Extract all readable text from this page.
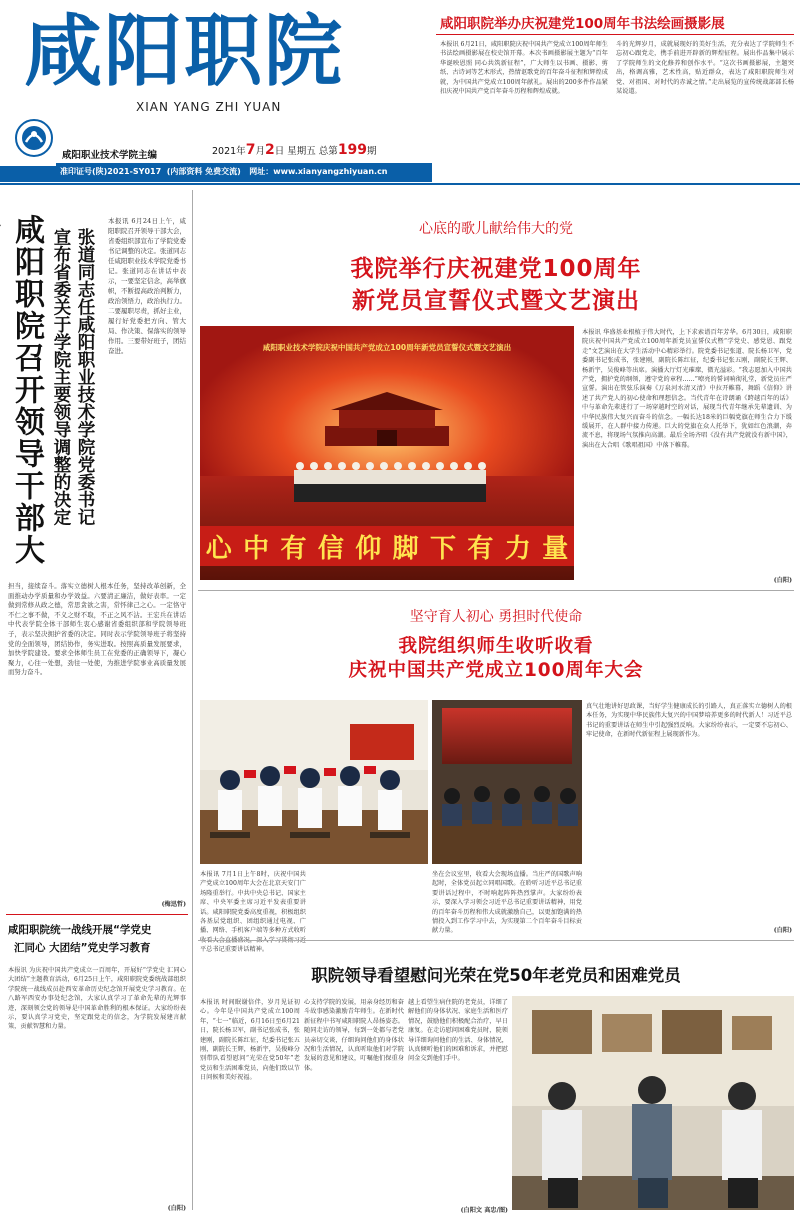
咸阳职院
XIAN YANG ZHI YUAN
咸阳职业技术学院主编	2021年7月2日 星期五 总第199期
准印证号(陕)2021-SY017 (内部资料 免费交流) 网址：www.xianyangzhiyuan.cn
咸阳职院举办庆祝建党100周年书法绘画摄影展
本报讯 6月21日，咸阳职院庆祝中国共产党成立100周年师生书法绘画摄影展在校史馆开幕。本次书画摄影展主题为“百年华诞映恩照 同心共筑新征程”，广大师生以书画、摄影、剪纸、古诗词等艺术形式，热情讴歌党的百年奋斗征程和辉煌成就，为中国共产党成立100周年献礼。展出的200多件作品紧扣庆祝中国共产党百年奋斗历程和辉煌成就。
斗的光辉岁月，成就展现好的美好生活，充分表达了学院师生不忘初心跟党走，携手前进开辟新的辉煌征程。展出作品集中展示了学院师生的文化修养和创作水平。“这次书画摄影展，主题突出，格调高雅，艺术性高，贴近群众，表达了咸阳职院师生对党、对祖国、对时代的赤诚之情。”走出展览的宣传统战部部长杨某说道。
咸阳职院召开领导干部大
宣布省委关于学院主要领导调整的决定 张道同志任咸阳职业技术学院党委书记
本报讯 6月24日上午，咸阳职院召开领导干部大会，省委组织部宣布了学院党委书记调整的决定。张道同志任咸阳职业技术学院党委书记。张道同志在讲话中表示，一要坚定信念，高举旗帜，不断提高政治判断力，政治领悟力，政治执行力。二要履职尽责，抓好主业，履行好党委把方向、管大局、作决策、保落实的领导作用。三要带好班子，团结奋进。
担当，接续奋斗。落实立德树人根本任务，坚持改革创新，全面推动办学质量和办学效益。六要清正廉洁，做好表率。一定做到常修从政之德，常思贪欲之害，常怀律己之心。一定恪守不仁之事不做，不义之财不取，不正之风不沾。王宏兵在讲话中代表学院全体干部师生衷心感谢省委组织部和学院领导班子，表示坚决拥护省委的决定。同时表示学院领导班子将坚持党的全面领导，团结协作，务实进取。按照高质量发展要求，加快学院建设。要求全体师生员工在党委的正确领导下，凝心聚力，心往一处想，劲往一处使，为推进学院事业高质量发展而努力奋斗。
(梅迅哲)
咸阳职院统一战线开展“学党史
汇同心 大团结”党史学习教育
本报讯 为庆祝中国共产党成立一百周年，开展好“学党史 汇同心 大团结”主题教育活动，6月25日上午，咸阳职院党委统战部组织学院统一战线成员赴西安革命历史纪念馆开展党史学习教育。在八路军西安办事处纪念馆，大家认真学习了革命先辈的光辉事迹，深刻领会党的领导是中国革命胜利的根本保证。大家纷纷表示，要认真学习党史，坚定跟党走的信念，为学院发展建言献策，贡献智慧和力量。
(白阳)
心底的歌儿献给伟大的党
我院举行庆祝建党100周年
新党员宣誓仪式暨文艺演出
咸阳职业技术学院庆祝中国共产党成立100周年新党员宣誓仪式暨文艺演出
心 中 有 信 仰 脚 下 有 力 量
本报讯 华盛基业根植于伟大时代，上下求索谱百年芳华。6月30日，咸阳职院庆祝中国共产党成立100周年新党员宣誓仪式暨“学党史、感党恩、跟党走”文艺演出在大学生活动中心精彩举行。院党委书记张道、院长杨卫军，党委副书记张成书，张建刚，副院长陈红征，纪委书记张五刚，副院长王辉、杨新宇，吴俊峰等出席。演播大厅灯光璀璨，微光溢彩。“我志愿加入中国共产党，拥护党的纲领，遵守党的章程……”嘹亮的誓词响彻礼堂，新党员庄严宣誓。演出在管弦乐演奏《万泉河水清又清》中拉开帷幕，舞蹈《信仰》讲述了共产党人的初心使命和理想信念。当代青年在诗朗诵《跨越百年的话》中与革命先辈进行了一场穿越时空的对话，展现当代青年继承先辈遗训、为中华民族伟大复兴而奋斗的信念。一幅长达18米的巨幅党旗在师生合力下缓缓展开，在人群中接力传递。巨大的党旗在众人托举下，犹如红色浪潮，奔流不息，将现场气氛推向高潮。最后全场齐唱《没有共产党就没有新中国》，演出在大合唱《歌唱祖国》中落下帷幕。
(白阳)
坚守育人初心 勇担时代使命
我院组织师生收听收看
庆祝中国共产党成立100周年大会
本报讯 7月1日上午8时，庆祝中国共产党成立100周年大会在北京天安门广场隆重举行。中共中央总书记、国家主席、中央军委主席习近平发表重要讲话。咸阳职院党委高度重视，积极组织各基层党组织、团组织通过电视、广播、网络、手机客户端等多种方式收听 平总书记重要讲话精神。
坐在会议室里，收看大会现场直播。当庄严的国歌声响起时，全体党员起立同唱国歌。在聆听习近平总书记重要讲话过程中，不时响起阵阵热烈掌声。大家纷纷表示，要深入学习领会习近平总书记重要讲话精神，用党的百年奋斗历程和伟大成就激励自己，以更加饱满的热情投入到工作学习中去，为实现第二个百年奋斗目标贡献力量。
真气壮地讲好思政课，当好学生健康成长的引路人，真正落实立德树人的根本任务，为实现中华民族伟大复兴的中国梦培养更多的时代新人！习近平总书记的重要讲话在师生中引起强烈反响。大家纷纷表示，一定要不忘初心、牢记使命，在新时代新征程上展现新作为。
(白阳)
职院领导看望慰问光荣在党50年老党员和困难党员
本报讯 时间眠谢倍伴，岁月见证初心。今年是中国共产党成立100周年，“七一”临近，6月16日至6月21日，院长杨卫军，副书记张成书，张建刚，副院长陈红征，纪委书记张五刚，副院长王辉，杨新宇，吴俊峰分别带队看望慰问“光荣在党50年”老党员和生活困难党员，向他们致以节日问候和美好祝福。
心支持学院的发展，用亲身经历和奋斗故事感染激励青年师生。在新时代新征程中书写咸阳职院人昂扬姿态。随同走访的领导，每到一处都与老党员亲切交谈，仔细询问他们的身体状况和生活情况，认真听取他们对学院发展的意见和建议，叮嘱他们保重身体。
越上看望生病住院的老党员，详细了解他们的身体状况、家庭生活和医疗情况，鼓励他们积极配合治疗，早日康复。在走访慰问困难党员时，院领导详细询问他们的生活、身体情况，认真倾听他们的困难和诉求，并把慰问金交到他们手中。
(白阳文 高忠/图)
